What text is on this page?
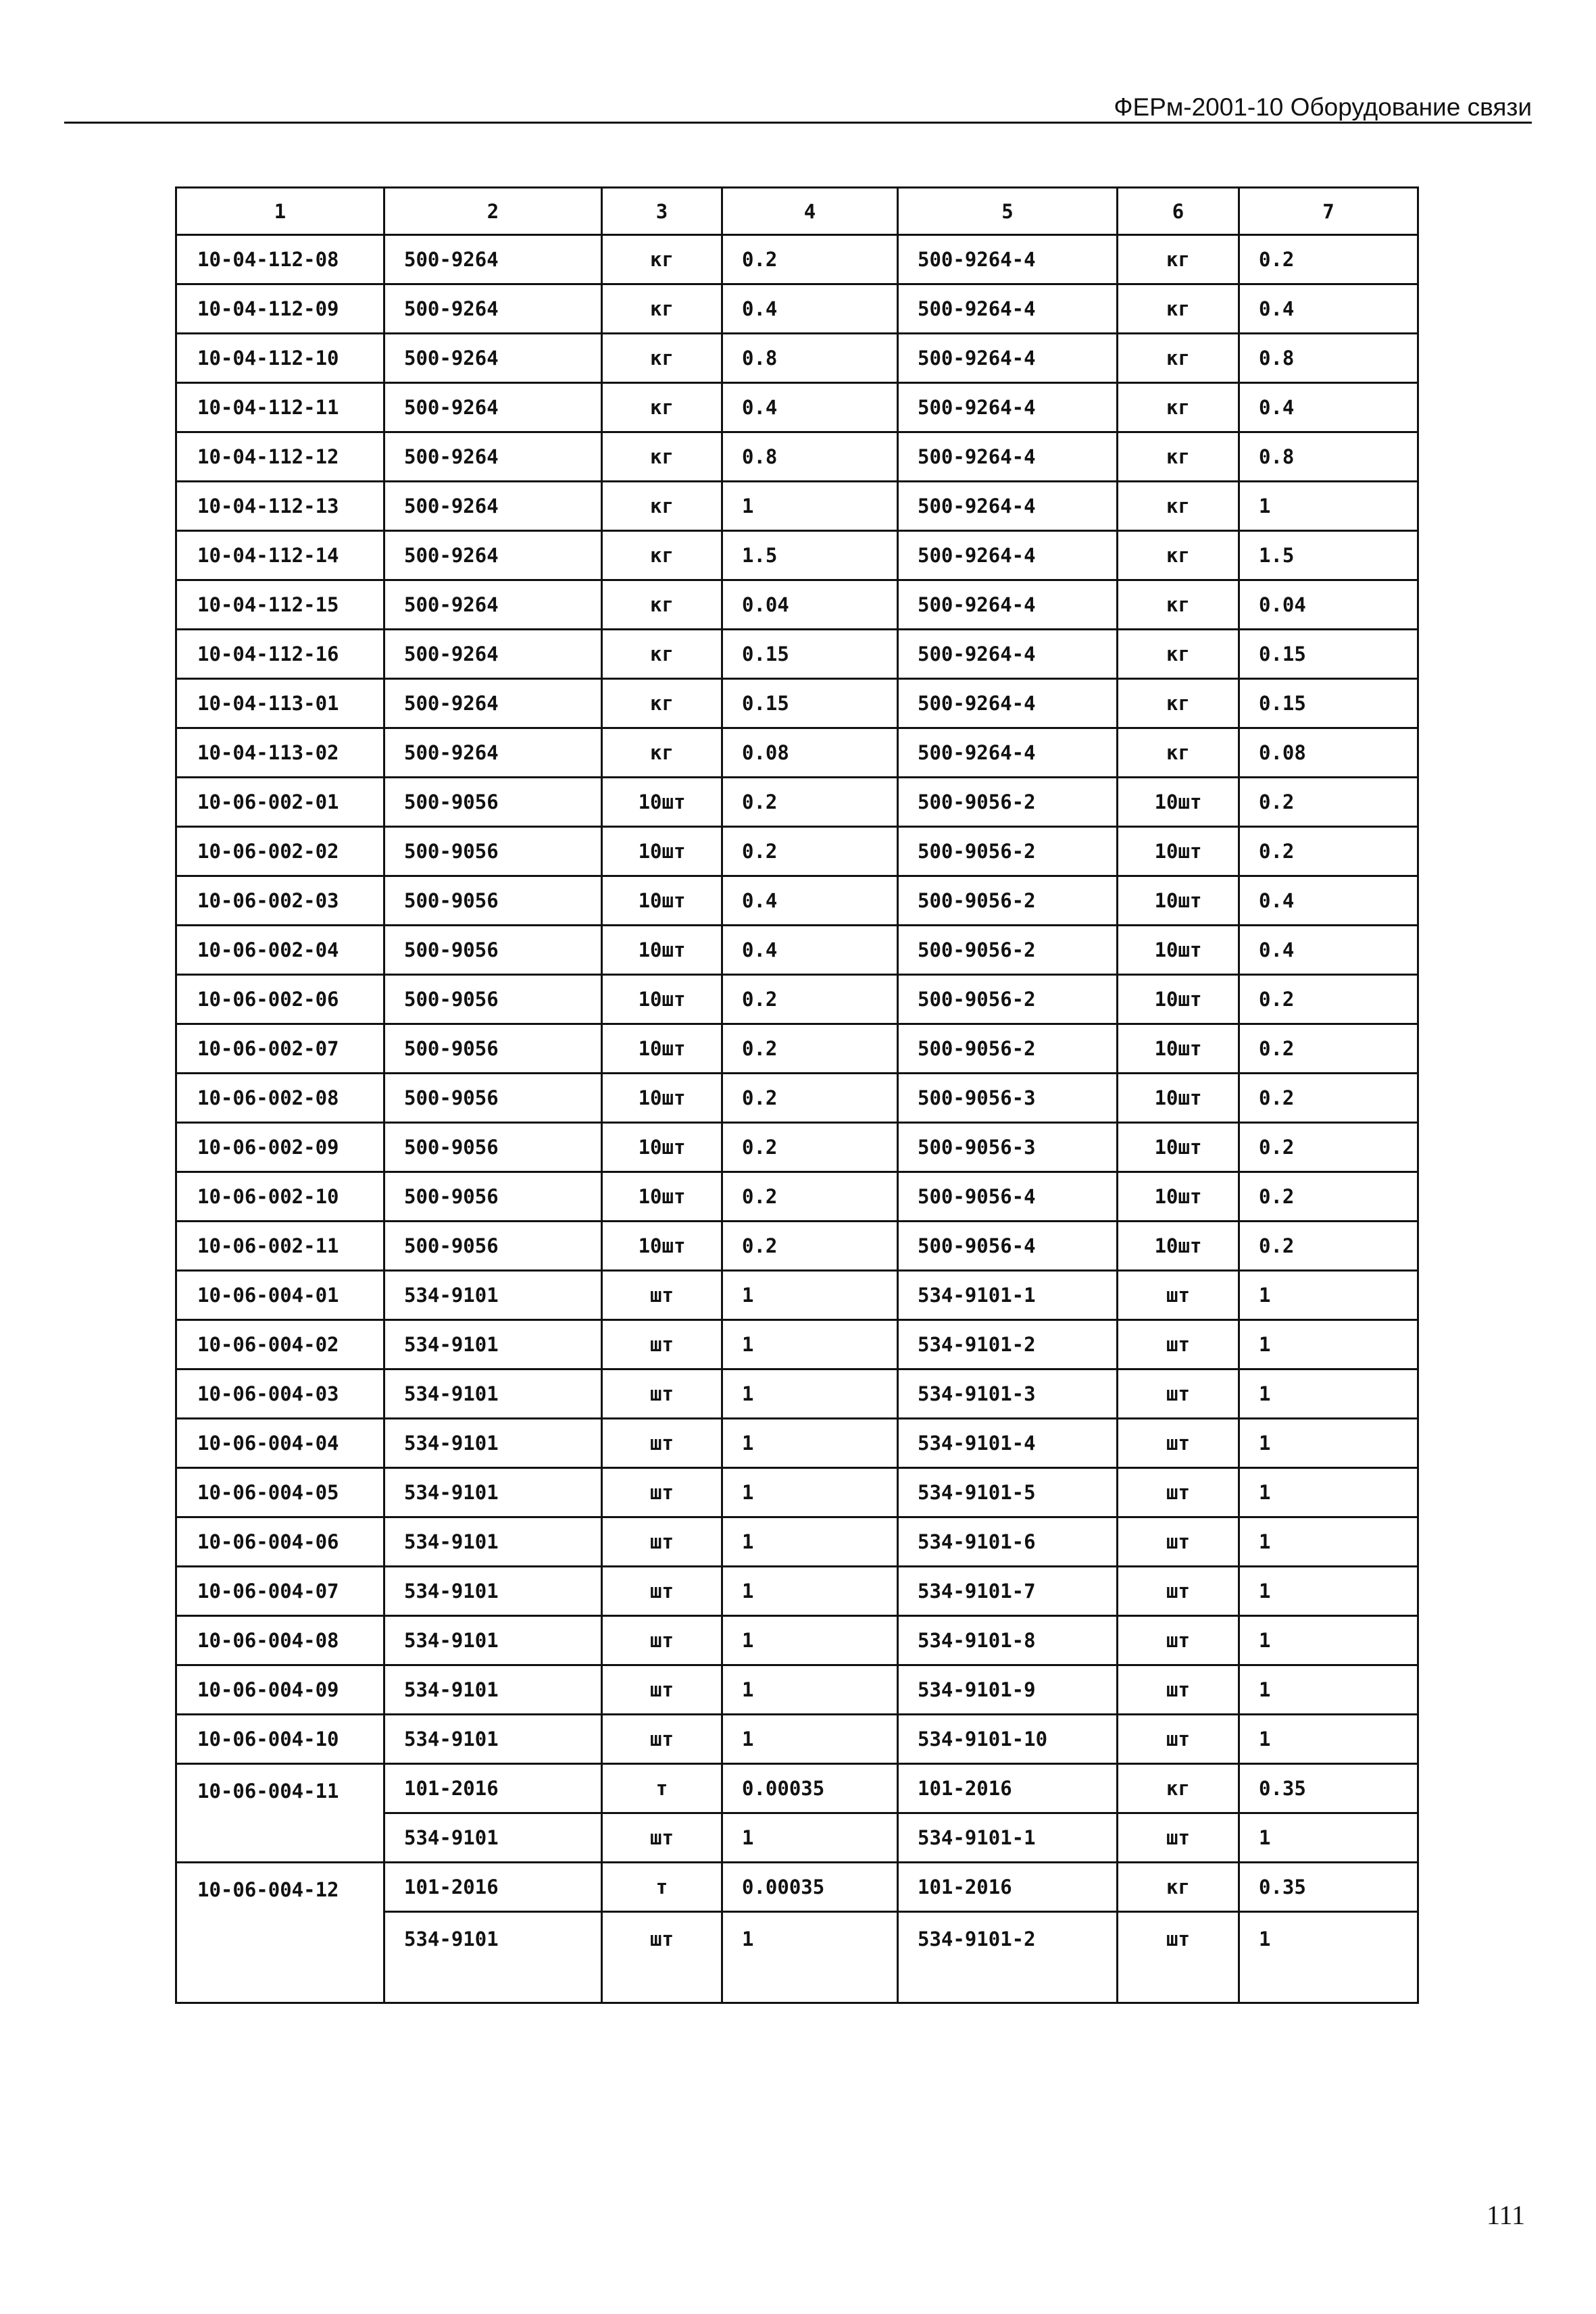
ФЕРм-2001-10 Оборудование связи
1	2	3	4	5	6	7
10-04-112-08	500-9264	кг	0.2	500-9264-4	кг	0.2
10-04-112-09	500-9264	кг	0.4	500-9264-4	кг	0.4
10-04-112-10	500-9264	кг	0.8	500-9264-4	кг	0.8
10-04-112-11	500-9264	кг	0.4	500-9264-4	кг	0.4
10-04-112-12	500-9264	кг	0.8	500-9264-4	кг	0.8
10-04-112-13	500-9264	кг	1	500-9264-4	кг	1
10-04-112-14	500-9264	кг	1.5	500-9264-4	кг	1.5
10-04-112-15	500-9264	кг	0.04	500-9264-4	кг	0.04
10-04-112-16	500-9264	кг	0.15	500-9264-4	кг	0.15
10-04-113-01	500-9264	кг	0.15	500-9264-4	кг	0.15
10-04-113-02	500-9264	кг	0.08	500-9264-4	кг	0.08
10-06-002-01	500-9056	10шт	0.2	500-9056-2	10шт	0.2
10-06-002-02	500-9056	10шт	0.2	500-9056-2	10шт	0.2
10-06-002-03	500-9056	10шт	0.4	500-9056-2	10шт	0.4
10-06-002-04	500-9056	10шт	0.4	500-9056-2	10шт	0.4
10-06-002-06	500-9056	10шт	0.2	500-9056-2	10шт	0.2
10-06-002-07	500-9056	10шт	0.2	500-9056-2	10шт	0.2
10-06-002-08	500-9056	10шт	0.2	500-9056-3	10шт	0.2
10-06-002-09	500-9056	10шт	0.2	500-9056-3	10шт	0.2
10-06-002-10	500-9056	10шт	0.2	500-9056-4	10шт	0.2
10-06-002-11	500-9056	10шт	0.2	500-9056-4	10шт	0.2
10-06-004-01	534-9101	шт	1	534-9101-1	шт	1
10-06-004-02	534-9101	шт	1	534-9101-2	шт	1
10-06-004-03	534-9101	шт	1	534-9101-3	шт	1
10-06-004-04	534-9101	шт	1	534-9101-4	шт	1
10-06-004-05	534-9101	шт	1	534-9101-5	шт	1
10-06-004-06	534-9101	шт	1	534-9101-6	шт	1
10-06-004-07	534-9101	шт	1	534-9101-7	шт	1
10-06-004-08	534-9101	шт	1	534-9101-8	шт	1
10-06-004-09	534-9101	шт	1	534-9101-9	шт	1
10-06-004-10	534-9101	шт	1	534-9101-10	шт	1
10-06-004-11	101-2016	т	0.00035	101-2016	кг	0.35
	534-9101	шт	1	534-9101-1	шт	1
10-06-004-12	101-2016	т	0.00035	101-2016	кг	0.35
	534-9101	шт	1	534-9101-2	шт	1
111
